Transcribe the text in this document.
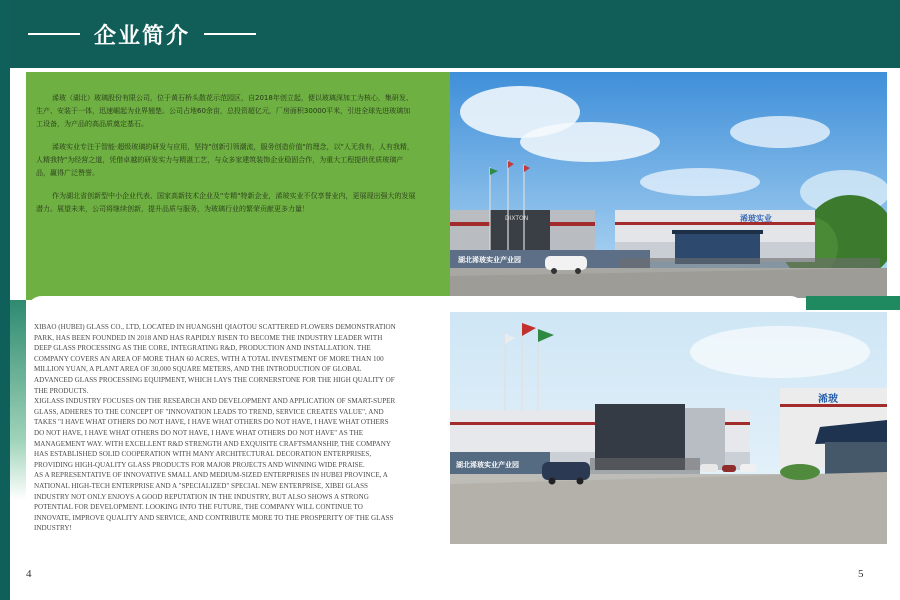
企业简介

浠玻（湖北）玻璃股份有限公司，位于黄石桥头散花示范园区，自2018年创立起，便以玻璃深加工为核心，集研发、生产、安装于一体，迅速崛起为业界翘楚。公司占地60余亩，总投资超亿元，厂房面积30000平米，引进全球先进玻璃加工设备，为产品的高品质奠定基石。

浠玻实业专注于智能·超级玻璃的研发与应用，坚持"创新引领潮流，服务创造价值"的理念，以"人无我有，人有我精，人精我特"为经营之道，凭借卓越的研发实力与精湛工艺，与众多家建筑装饰企业稳固合作，为重大工程提供优质玻璃产品，赢得广泛赞誉。

作为湖北省创新型中小企业代表、国家高新技术企业及"专精"特新企业，浠玻实业不仅享誉业内，更展现出强大的发展潜力。展望未来，公司将继续创新，提升品质与服务，为玻璃行业的繁荣贡献更多力量！

DIXTON	浠玻实业
湖北浠玻实业产业园

XIBAO (HUBEI) GLASS CO., LTD, LOCATED IN HUANGSHI QIAOTOU SCATTERED FLOWERS DEMONSTRATION PARK, HAS BEEN FOUNDED IN 2018 AND HAS RAPIDLY RISEN TO BECOME THE INDUSTRY LEADER WITH DEEP GLASS PROCESSING AS THE CORE, INTEGRATING R&D, PRODUCTION AND INSTALLATION. THE COMPANY COVERS AN AREA OF MORE THAN 60 ACRES, WITH A TOTAL INVESTMENT OF MORE THAN 100 MILLION YUAN, A PLANT AREA OF 30,000 SQUARE METERS, AND THE INTRODUCTION OF GLOBAL ADVANCED GLASS PROCESSING EQUIPMENT, WHICH LAYS THE CORNERSTONE FOR THE HIGH QUALITY OF THE PRODUCTS.

XIGLASS INDUSTRY FOCUSES ON THE RESEARCH AND DEVELOPMENT AND APPLICATION OF SMART-SUPER GLASS, ADHERES TO THE CONCEPT OF "INNOVATION LEADS TO TREND, SERVICE CREATES VALUE", AND TAKES "I HAVE WHAT OTHERS DO NOT HAVE, I HAVE WHAT OTHERS DO NOT HAVE, I HAVE WHAT OTHERS DO NOT HAVE, I HAVE WHAT OTHERS DO NOT HAVE, I HAVE WHAT OTHERS DO NOT HAVE" AS THE MANAGEMENT WAY. WITH EXCELLENT R&D STRENGTH AND EXQUISITE CRAFTSMANSHIP, THE COMPANY HAS ESTABLISHED SOLID COOPERATION WITH MANY ARCHITECTURAL DECORATION ENTERPRISES, PROVIDING HIGH-QUALITY GLASS PRODUCTS FOR MAJOR PROJECTS AND WINNING WIDE PRAISE.

AS A REPRESENTATIVE OF INNOVATIVE SMALL AND MEDIUM-SIZED ENTERPRISES IN HUBEI PROVINCE, A NATIONAL HIGH-TECH ENTERPRISE AND A "SPECIALIZED" SPECIAL NEW ENTERPRISE, XIBEI GLASS INDUSTRY NOT ONLY ENJOYS A GOOD REPUTATION IN THE INDUSTRY, BUT ALSO SHOWS A STRONG POTENTIAL FOR DEVELOPMENT. LOOKING INTO THE FUTURE, THE COMPANY WILL CONTINUE TO INNOVATE, IMPROVE QUALITY AND SERVICE, AND CONTRIBUTE MORE TO THE PROSPERITY OF THE GLASS INDUSTRY!

浠玻
湖北浠玻实业产业园
4	5
